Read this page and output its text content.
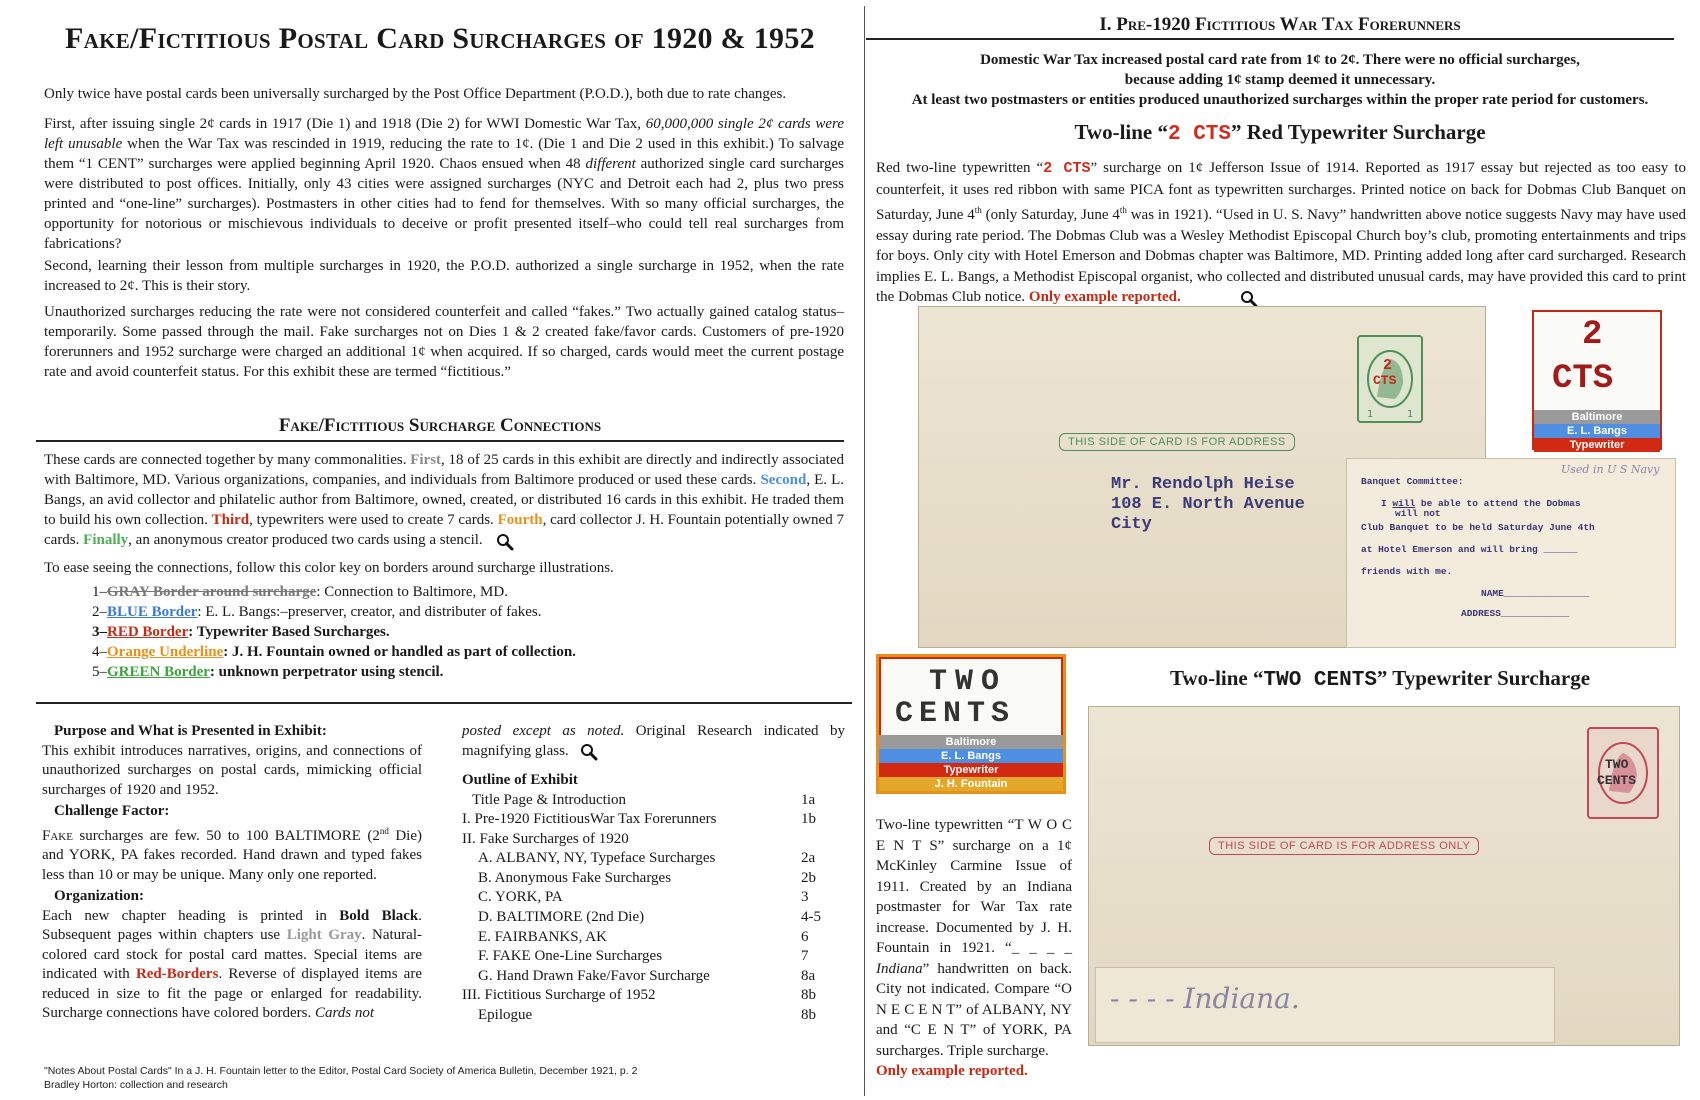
Fake/Fictitious Postal Card Surcharges of 1920 & 1952
Only twice have postal cards been universally surcharged by the Post Office Department (P.O.D.), both due to rate changes.
First, after issuing single 2¢ cards in 1917 (Die 1) and 1918 (Die 2) for WWI Domestic War Tax, 60,000,000 single 2¢ cards were left unusable when the War Tax was rescinded in 1919, reducing the rate to 1¢. (Die 1 and Die 2 used in this exhibit.) To salvage them “1 CENT” surcharges were applied beginning April 1920. Chaos ensued when 48 different authorized single card surcharges were distributed to post offices. Initially, only 43 cities were assigned surcharges (NYC and Detroit each had 2, plus two press printed and “one-line” surcharges). Postmasters in other cities had to fend for themselves. With so many official surcharges, the opportunity for notorious or mischievous individuals to deceive or profit presented itself–who could tell real surcharges from fabrications?
Second, learning their lesson from multiple surcharges in 1920, the P.O.D. authorized a single surcharge in 1952, when the rate increased to 2¢. This is their story.
Unauthorized surcharges reducing the rate were not considered counterfeit and called “fakes.” Two actually gained catalog status–temporarily. Some passed through the mail. Fake surcharges not on Dies 1 & 2 created fake/favor cards. Customers of pre-1920 forerunners and 1952 surcharge were charged an additional 1¢ when acquired. If so charged, cards would meet the current postage rate and avoid counterfeit status. For this exhibit these are termed “fictitious.”
Fake/Fictitious Surcharge Connections
These cards are connected together by many commonalities. First, 18 of 25 cards in this exhibit are directly and indirectly associated with Baltimore, MD. Various organizations, companies, and individuals from Baltimore produced or used these cards. Second, E. L. Bangs, an avid collector and philatelic author from Baltimore, owned, created, or distributed 16 cards in this exhibit. He traded them to build his own collection. Third, typewriters were used to create 7 cards. Fourth, card collector J. H. Fountain potentially owned 7 cards. Finally, an anonymous creator produced two cards using a stencil.
To ease seeing the connections, follow this color key on borders around surcharge illustrations.
1–GRAY Border around surcharge: Connection to Baltimore, MD.
2–BLUE Border: E. L. Bangs:–preserver, creator, and distributer of fakes.
3–RED Border: Typewriter Based Surcharges.
4–Orange Underline: J. H. Fountain owned or handled as part of collection.
5–GREEN Border: unknown perpetrator using stencil.
Purpose and What is Presented in Exhibit:
This exhibit introduces narratives, origins, and connections of unauthorized surcharges on postal cards, mimicking official surcharges of 1920 and 1952.
Challenge Factor:
Fake surcharges are few. 50 to 100 BALTIMORE (2nd Die) and YORK, PA fakes recorded. Hand drawn and typed fakes less than 10 or may be unique. Many only one reported.
Organization:
Each new chapter heading is printed in Bold Black. Subsequent pages within chapters use Light Gray. Natural-colored card stock for postal card mattes. Special items are indicated with Red-Borders. Reverse of displayed items are reduced in size to fit the page or enlarged for readability. Surcharge connections have colored borders. Cards not
posted except as noted. Original Research indicated by magnifying glass.
Outline of Exhibit
Title Page & Introduction	1a
I. Pre-1920 FictitiousWar Tax Forerunners	1b
II. Fake Surcharges of 1920
A. ALBANY, NY, Typeface Surcharges	2a
B. Anonymous Fake Surcharges	2b
C. YORK, PA	3
D. BALTIMORE (2nd Die)	4-5
E. FAIRBANKS, AK	6
F. FAKE One-Line Surcharges	7
G. Hand Drawn Fake/Favor Surcharge	8a
III. Fictitious Surcharge of 1952	8b
Epilogue	8b
"Notes About Postal Cards" In a J. H. Fountain letter to the Editor, Postal Card Society of America Bulletin, December 1921, p. 2
Bradley Horton: collection and research
I. Pre-1920 Fictitious War Tax Forerunners
Domestic War Tax increased postal card rate from 1¢ to 2¢. There were no official surcharges,
because adding 1¢ stamp deemed it unnecessary.
At least two postmasters or entities produced unauthorized surcharges within the proper rate period for customers.
Two-line “2 CTS” Red Typewriter Surcharge
Red two-line typewritten “2 CTS” surcharge on 1¢ Jefferson Issue of 1914. Reported as 1917 essay but rejected as too easy to counterfeit, it uses red ribbon with same PICA font as typewritten surcharges. Printed notice on back for Dobmas Club Banquet on Saturday, June 4th (only Saturday, June 4th was in 1921). “Used in U. S. Navy” handwritten above notice suggests Navy may have used essay during rate period. The Dobmas Club was a Wesley Methodist Episcopal Church boy’s club, promoting entertainments and trips for boys. Only city with Hotel Emerson and Dobmas chapter was Baltimore, MD. Printing added long after card surcharged. Research implies E. L. Bangs, a Methodist Episcopal organist, who collected and distributed unusual cards, may have provided this card to print the Dobmas Club notice. Only example reported.
1	1
2
CTS
THIS SIDE OF CARD IS FOR ADDRESS
Mr. Rendolph Heise
108 E. North Avenue
City
2
CTS
Baltimore
E. L. Bangs
Typewriter
Used in U S Navy
Banquet Committee:
I will be able to attend the Dobmas
will not
Club Banquet to be held Saturday June 4th
at Hotel Emerson and will bring ______
friends with me.
NAME_______________
ADDRESS____________
TWO
CENTS
Baltimore
E. L. Bangs
Typewriter
J. H. Fountain
Two-line “TWO CENTS” Typewriter Surcharge
TWO
CENTS
THIS SIDE OF CARD IS FOR ADDRESS ONLY
- - - - Indiana.
Two-line typewritten “T W O C E N T S” surcharge on a 1¢ McKinley Carmine Issue of 1911. Created by an Indiana postmaster for War Tax rate increase. Documented by J. H. Fountain in 1921. “_ _ _ _ Indiana” handwritten on back. City not indicated. Compare “O N E C E N T” of ALBANY, NY and “C E N T” of YORK, PA surcharges. Triple surcharge.
Only example reported.
